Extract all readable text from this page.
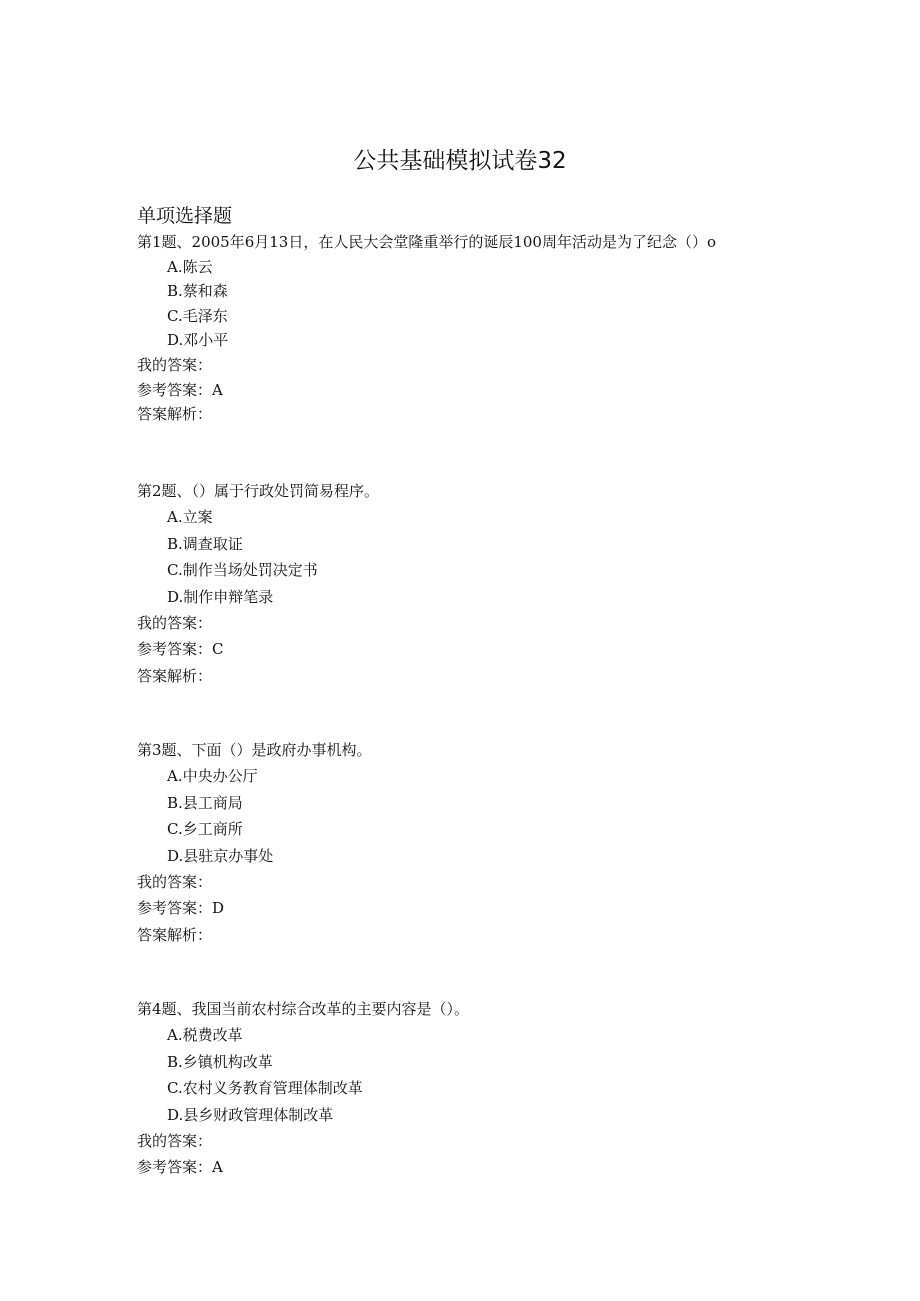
公共基础模拟试卷32
单项选择题
第1题、2005年6月13日，在人民大会堂隆重举行的诞辰100周年活动是为了纪念（）o
A.陈云
B.蔡和森
C.毛泽东
D.邓小平
我的答案：
参考答案：A
答案解析：
第2题、（）属于行政处罚简易程序。
A.立案
B.调查取证
C.制作当场处罚决定书
D.制作申辩笔录
我的答案：
参考答案：C
答案解析：
第3题、下面（）是政府办事机构。
A.中央办公厅
B.县工商局
C.乡工商所
D.县驻京办事处
我的答案：
参考答案：D
答案解析：
第4题、我国当前农村综合改革的主要内容是（）。
A.税费改革
B.乡镇机构改革
C.农村义务教育管理体制改革
D.县乡财政管理体制改革
我的答案：
参考答案：A
